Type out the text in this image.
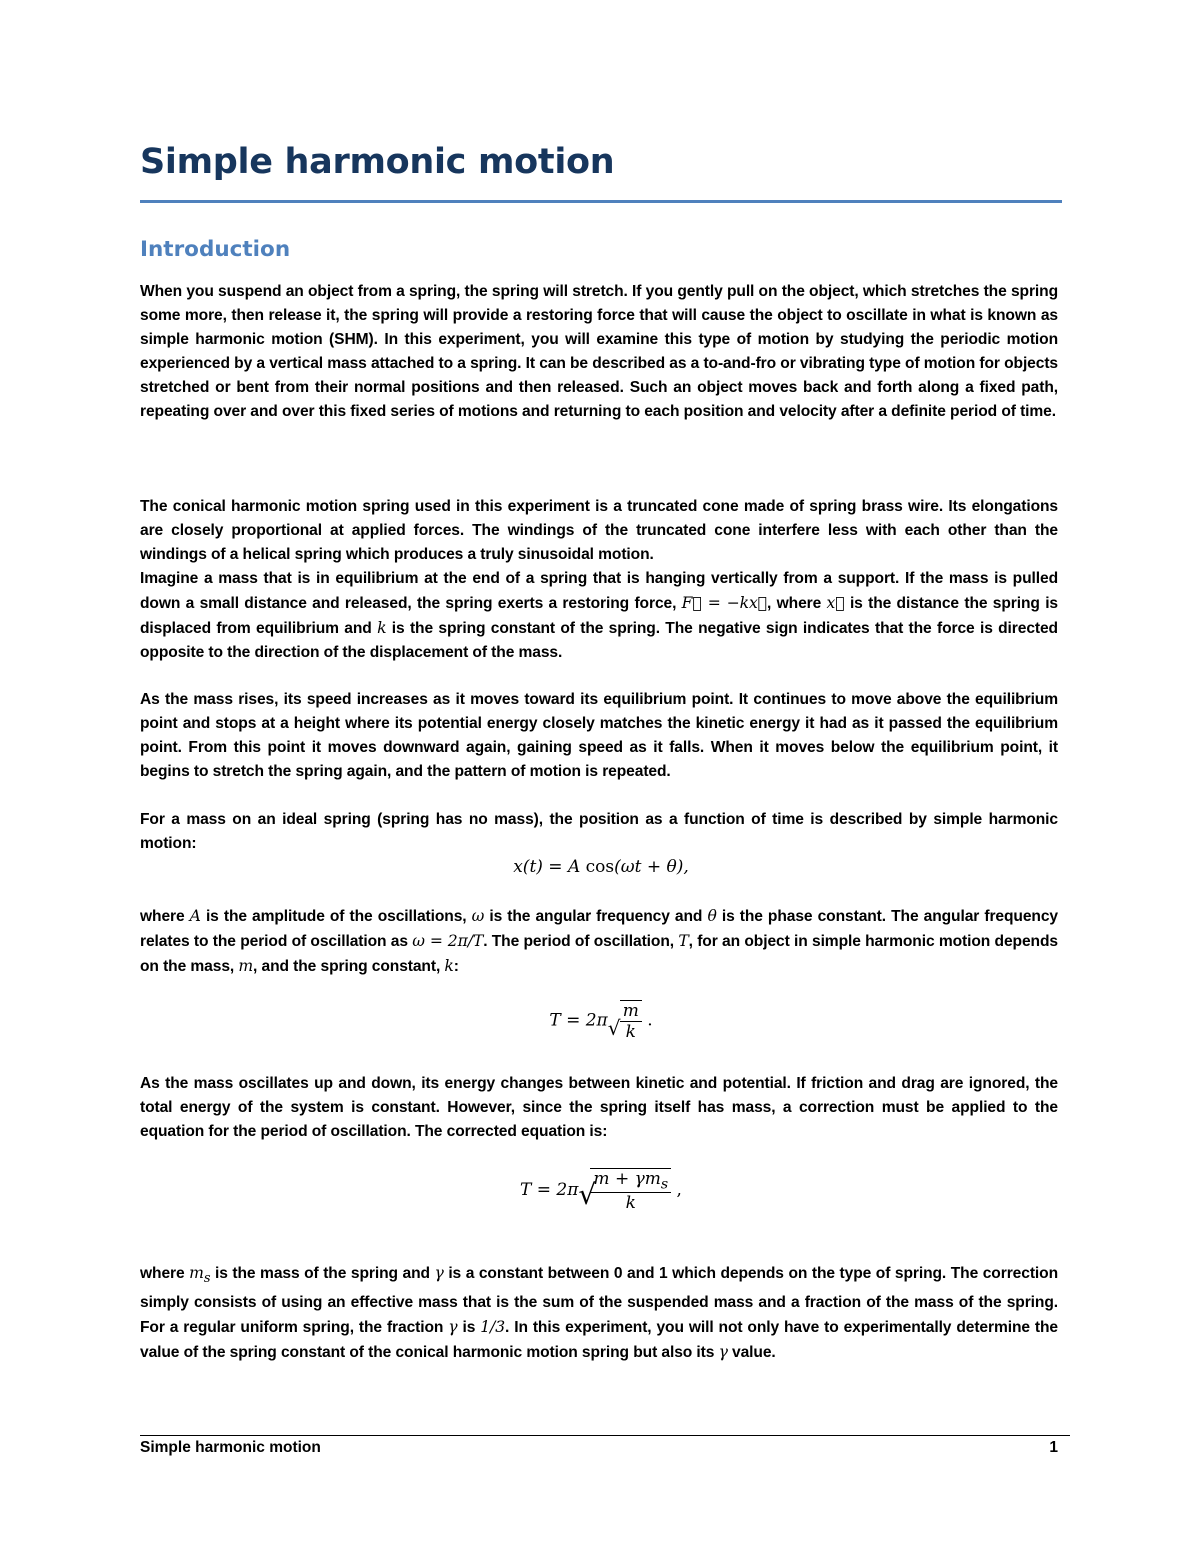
Simple harmonic motion
Introduction

When you suspend an object from a spring, the spring will stretch. If you gently pull on the object, which stretches the spring some more, then release it, the spring will provide a restoring force that will cause the object to oscillate in what is known as simple harmonic motion (SHM). In this experiment, you will examine this type of motion by studying the periodic motion experienced by a vertical mass attached to a spring. It can be described as a to-and-fro or vibrating type of motion for objects stretched or bent from their normal positions and then released. Such an object moves back and forth along a fixed path, repeating over and over this fixed series of motions and returning to each position and velocity after a definite period of time.

The conical harmonic motion spring used in this experiment is a truncated cone made of spring brass wire. Its elongations are closely proportional at applied forces. The windings of the truncated cone interfere less with each other than the windings of a helical spring which produces a truly sinusoidal motion.

Imagine a mass that is in equilibrium at the end of a spring that is hanging vertically from a support. If the mass is pulled down a small distance and released, the spring exerts a restoring force, F⃗ = −kx⃗, where x⃗ is the distance the spring is displaced from equilibrium and k is the spring constant of the spring. The negative sign indicates that the force is directed opposite to the direction of the displacement of the mass.

As the mass rises, its speed increases as it moves toward its equilibrium point. It continues to move above the equilibrium point and stops at a height where its potential energy closely matches the kinetic energy it had as it passed the equilibrium point. From this point it moves downward again, gaining speed as it falls. When it moves below the equilibrium point, it begins to stretch the spring again, and the pattern of motion is repeated.

For a mass on an ideal spring (spring has no mass), the position as a function of time is described by simple harmonic motion:

x(t) = A cos(ωt + θ),

where A is the amplitude of the oscillations, ω is the angular frequency and θ is the phase constant. The angular frequency relates to the period of oscillation as ω = 2π/T. The period of oscillation, T, for an object in simple harmonic motion depends on the mass, m, and the spring constant, k:

T = 2π √ $\frac{m}{k}$ .

As the mass oscillates up and down, its energy changes between kinetic and potential. If friction and drag are ignored, the total energy of the system is constant. However, since the spring itself has mass, a correction must be applied to the equation for the period of oscillation. The corrected equation is:

T = 2π √
$\frac{m + \gamma m_s}{k}$ ,

where $m_s$ is the mass of the spring and γ is a constant between 0 and 1 which depends on the type of spring. The correction simply consists of using an effective mass that is the sum of the suspended mass and a fraction of the mass of the spring. For a regular uniform spring, the fraction γ is 1/3. In this experiment, you will not only have to experimentally determine the value of the spring constant of the conical harmonic motion spring but also its γ value.

Simple harmonic motion	1
